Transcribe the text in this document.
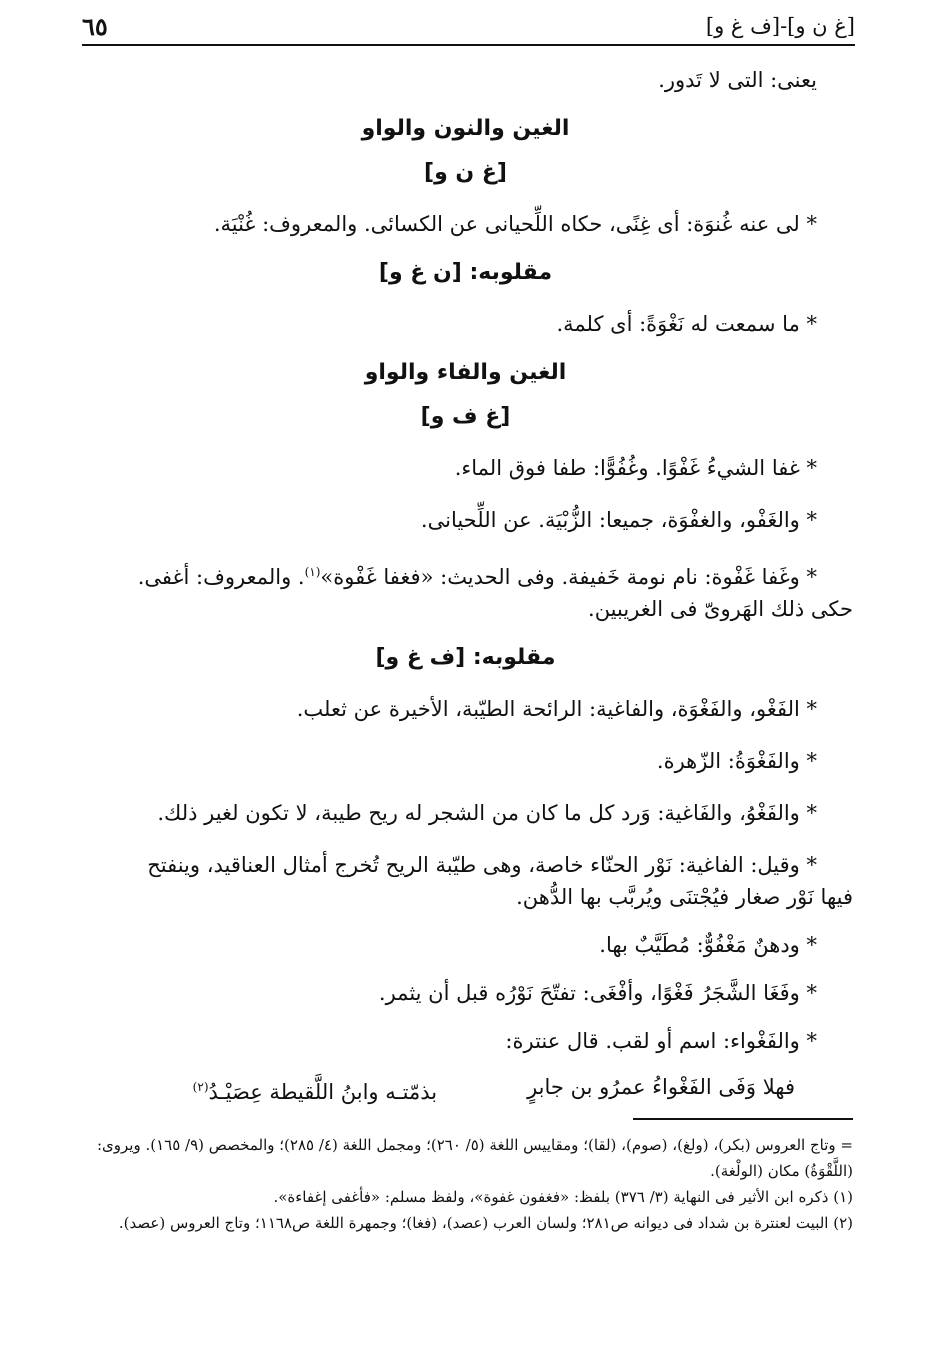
[غ ن و]-[ف غ و]
٦٥

يعنى: التى لا تَدور.

الغين والنون والواو

[غ ن و]

* لى عنه غُنوَة: أى غِنًى، حكاه اللِّحيانى عن الكسائى. والمعروف: غُنْيَة.

مقلوبه: [ن غ و]

* ما سمعت له نَغْوَةً: أى كلمة.

الغين والفاء والواو

[غ ف و]

* غفا الشيءُ غَفْوًا. وغُفُوًّا: طفا فوق الماء.

* والغَفْو، والغفْوَة، جميعا: الزُّبْيَة. عن اللِّحيانى.

* وغَفا غَفْوة: نام نومة خَفيفة. وفى الحديث: «فغفا غَفْوة»$^{(١)}$. والمعروف: أغفى.

حكى ذلك الهَروىّ فى الغريبين.

مقلوبه: [ف غ و]

* الفَغْو، والفَغْوَة، والفاغية: الرائحة الطيّبة، الأخيرة عن ثعلب.

* والفَغْوَةُ: الزّهرة.

* والفَغْوُ، والفَاغية: وَرد كل ما كان من الشجر له ريح طيبة، لا تكون لغير ذلك.

* وقيل: الفاغية: نَوْر الحنّاء خاصة، وهى طيّبة الريح تُخرج أمثال العناقيد، وينفتح

فيها نَوْر صغار فيُجْتنَى ويُربَّب بها الدُّهن.

* ودهنٌ مَغْفُوٌّ: مُطَيَّبٌ بها.

* وفَغَا الشَّجَرُ فَغْوًا، وأفْغَى: تفتّحَ نَوْرُه قبل أن يثمر.

* والفَغْواء: اسم أو لقب. قال عنترة:

فهلا وَفَى الفَغْواءُ عمرُو بن جابرٍ
بذمّتـه وابنُ اللَّقيطة عِصَيْـدُ$^{(٢)}$

= وتاج العروس (بكر)، (ولغ)، (صوم)، (لقا)؛ ومقاييس اللغة (٥/ ٢٦٠)؛ ومجمل اللغة (٤/ ٢٨٥)؛ والمخصص (٩/ ١٦٥). ويروى: (اللَّقْوَةُ) مكان (الولْغة).

(١) ذكره ابن الأثير فى النهاية (٣/ ٣٧٦) بلفظ: «فغفون غفوة»، ولفظ مسلم: «فأغفى إغفاءة».

(٢) البيت لعنترة بن شداد فى ديوانه ص٢٨١؛ ولسان العرب (عصد)، (فغا)؛ وجمهرة اللغة ص١١٦٨؛ وتاج العروس (عصد).
